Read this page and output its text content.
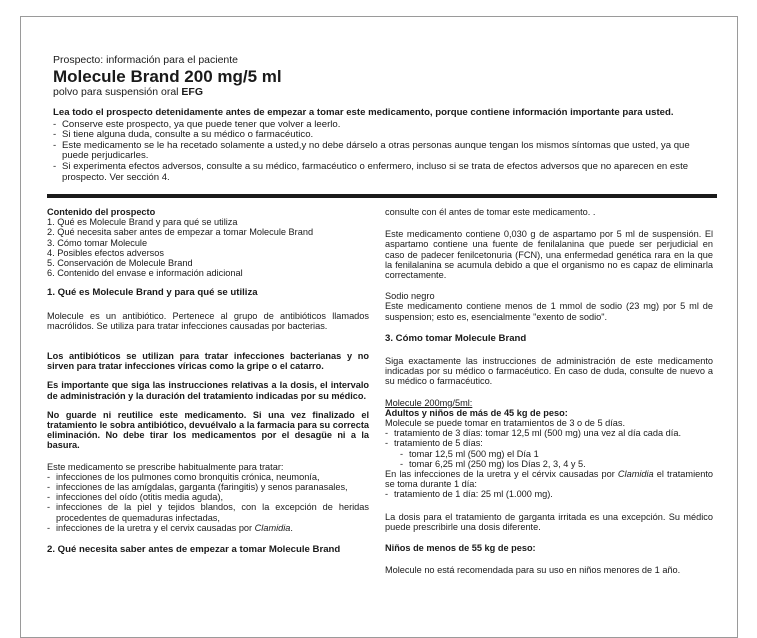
Prospecto: información para el paciente
Molecule Brand 200 mg/5 ml
polvo para suspensión oral EFG
Lea todo el prospecto detenidamente antes de empezar a tomar este medicamento, porque contiene información importante para usted.
- Conserve este prospecto, ya que puede tener que volver a leerlo.
- Si tiene alguna duda, consulte a su médico o farmacéutico.
- Este medicamento se le ha recetado solamente a usted,y no debe dárselo a otras personas aunque tengan los mismos síntomas que usted, ya que puede perjudicarles.
- Si experimenta efectos adversos, consulte a su médico, farmacéutico o enfermero, incluso si se trata de efectos adversos que no aparecen en este prospecto. Ver sección 4.

Contenido del prospecto

1. Qué es Molecule Brand y para qué se utiliza
2. Qué necesita saber antes de empezar a tomar Molecule Brand
3. Cómo tomar Molecule
4. Posibles efectos adversos
5. Conservación de Molecule Brand
6. Contenido del envase e información adicional

1. Qué es Molecule Brand y para qué se utiliza

Molecule es un antibiótico. Pertenece al grupo de antibióticos llamados macrólidos. Se utiliza para tratar infecciones causadas por bacterias.

Los antibióticos se utilizan para tratar infecciones bacterianas y no sirven para tratar infecciones víricas como la gripe o el catarro.

Es importante que siga las instrucciones relativas a la dosis, el intervalo de administración y la duración del tratamiento indicadas por su médico.

No guarde ni reutilice este medicamento. Si una vez finalizado el tratamiento le sobra antibiótico, devuélvalo a la farmacia para su correcta eliminación. No debe tirar los medicamentos por el desagüe ni a la basura.

Este medicamento se prescribe habitualmente para tratar:

- infecciones de los pulmones como bronquitis crónica, neumonía,
- infecciones de las amígdalas, garganta (faringitis) y senos paranasales,
- infecciones del oído (otitis media aguda),
- infecciones de la piel y tejidos blandos, con la excepción de heridas procedentes de quemaduras infectadas,
- infecciones de la uretra y el cervix causadas por Clamidia.

2. Qué necesita saber antes de empezar a tomar Molecule Brand

consulte con él antes de tomar este medicamento. .

Este medicamento contiene 0,030 g de aspartamo por 5 ml de suspensión. El aspartamo contiene una fuente de fenilalanina que puede ser perjudicial en caso de padecer fenilcetonuria (FCN), una enfermedad genética rara en la que la fenilalanina se acumula debido a que el organismo no es capaz de eliminarla correctamente.

Sodio negro

Este medicamento contiene menos de 1 mmol de sodio (23 mg) por 5 ml de suspension; esto es, esencialmente "exento de sodio".

3. Cómo tomar Molecule Brand

Siga exactamente las instrucciones de administración de este medicamento indicadas por su médico o farmacéutico. En caso de duda, consulte de nuevo a su médico o farmacéutico.

Molecule 200mg/5ml:

Adultos y niños de más de 45 kg de peso:

Molecule se puede tomar en tratamientos de 3 o de 5 días.

- tratamiento de 3 días: tomar 12,5 ml (500 mg) una vez al día cada día.
- tratamiento de 5 días:
- tomar 12,5 ml (500 mg) el Día 1
- tomar 6,25 ml (250 mg) los Días 2, 3, 4 y 5.

En las infecciones de la uretra y el cérvix causadas por Clamidia el tratamiento se toma durante 1 día:

- tratamiento de 1 día: 25 ml (1.000 mg).

La dosis para el tratamiento de garganta irritada es una excepción. Su médico puede prescribirle una dosis diferente.

Niños de menos de 55 kg de peso:

Molecule no está recomendada para su uso en niños menores de 1 año.
